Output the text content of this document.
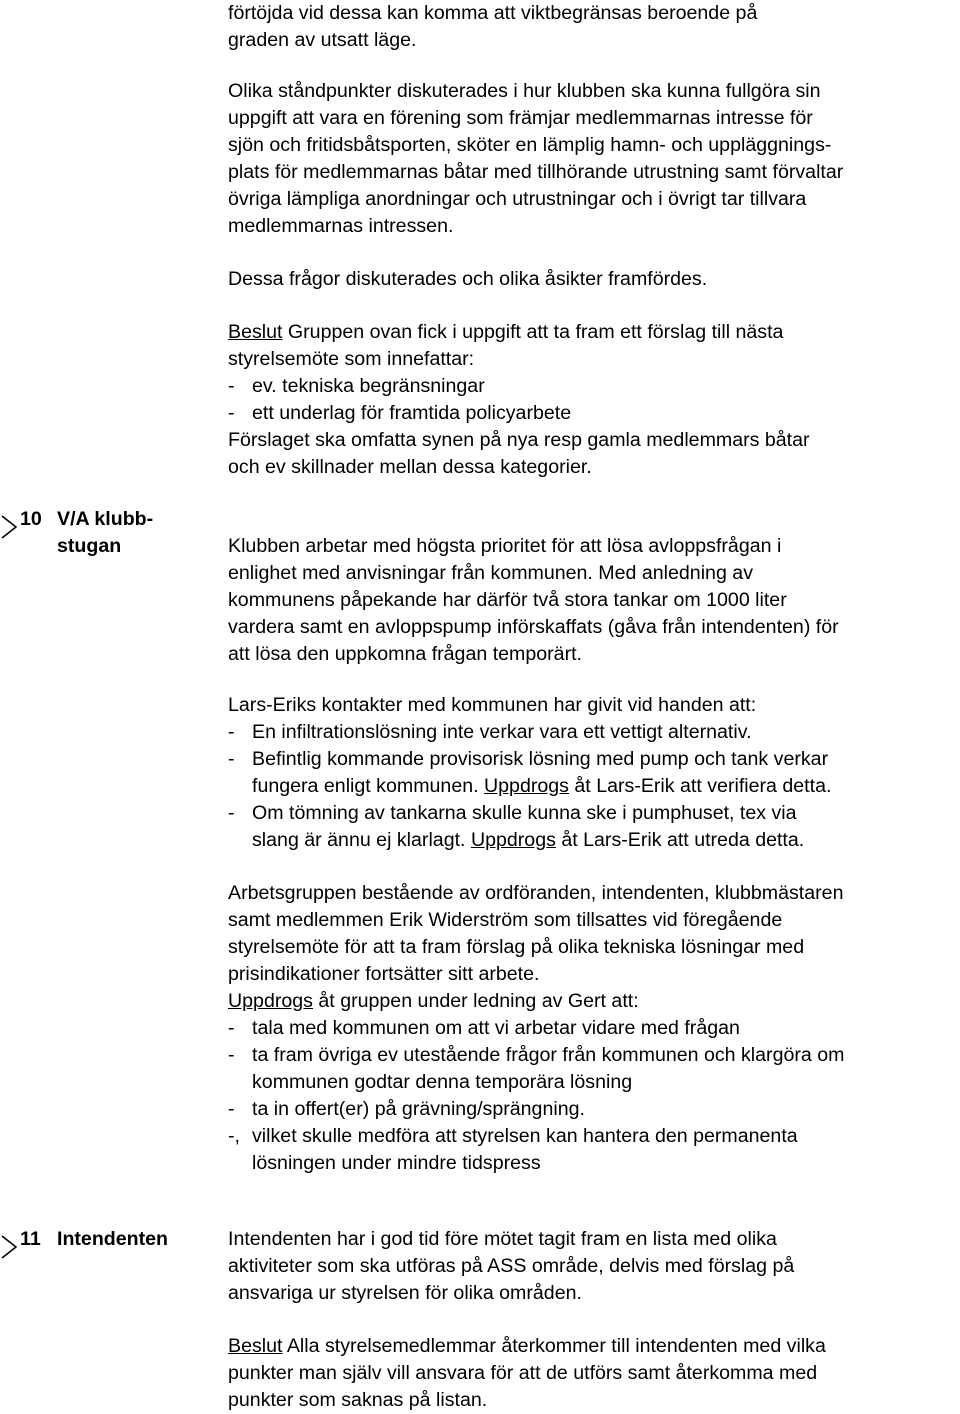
förtöjda vid dessa kan komma att viktbegränsas beroende på
graden av utsatt läge.
Olika ståndpunkter diskuterades i hur klubben ska kunna fullgöra sin
uppgift att vara en förening som främjar medlemmarnas intresse för
sjön och fritidsbåtsporten, sköter en lämplig hamn- och uppläggnings-
plats för medlemmarnas båtar med tillhörande utrustning samt förvaltar
övriga lämpliga anordningar och utrustningar och i övrigt tar tillvara
medlemmarnas intressen.
Dessa frågor diskuterades och olika åsikter framfördes.
Beslut Gruppen ovan fick i uppgift att ta fram ett förslag till nästa
styrelsemöte som innefattar:
- ev. tekniska begränsningar
- ett underlag för framtida policyarbete
Förslaget ska omfatta synen på nya resp gamla medlemmars båtar
och ev skillnader mellan dessa kategorier.
10 V/A klubb-
stugan	Klubben arbetar med högsta prioritet för att lösa avloppsfrågan i
enlighet med anvisningar från kommunen. Med anledning av
kommunens påpekande har därför två stora tankar om 1000 liter
vardera samt en avloppspump införskaffats (gåva från intendenten) för
att lösa den uppkomna frågan temporärt.
Lars-Eriks kontakter med kommunen har givit vid handen att:
- En infiltrationslösning inte verkar vara ett vettigt alternativ.
- Befintlig kommande provisorisk lösning med pump och tank verkar
fungera enligt kommunen. Uppdrogs åt Lars-Erik att verifiera detta.
- Om tömning av tankarna skulle kunna ske i pumphuset, tex via
slang är ännu ej klarlagt. Uppdrogs åt Lars-Erik att utreda detta.
Arbetsgruppen bestående av ordföranden, intendenten, klubbmästaren
samt medlemmen Erik Widerström som tillsattes vid föregående
styrelsemöte för att ta fram förslag på olika tekniska lösningar med
prisindikationer fortsätter sitt arbete.
Uppdrogs åt gruppen under ledning av Gert att:
- tala med kommunen om att vi arbetar vidare med frågan
- ta fram övriga ev utestående frågor från kommunen och klargöra om
kommunen godtar denna temporära lösning
- ta in offert(er) på grävning/sprängning.
-, vilket skulle medföra att styrelsen kan hantera den permanenta
lösningen under mindre tidspress
11 Intendenten	Intendenten har i god tid före mötet tagit fram en lista med olika
aktiviteter som ska utföras på ASS område, delvis med förslag på
ansvariga ur styrelsen för olika områden.
Beslut Alla styrelsemedlemmar återkommer till intendenten med vilka
punkter man själv vill ansvara för att de utförs samt återkomma med
punkter som saknas på listan.
